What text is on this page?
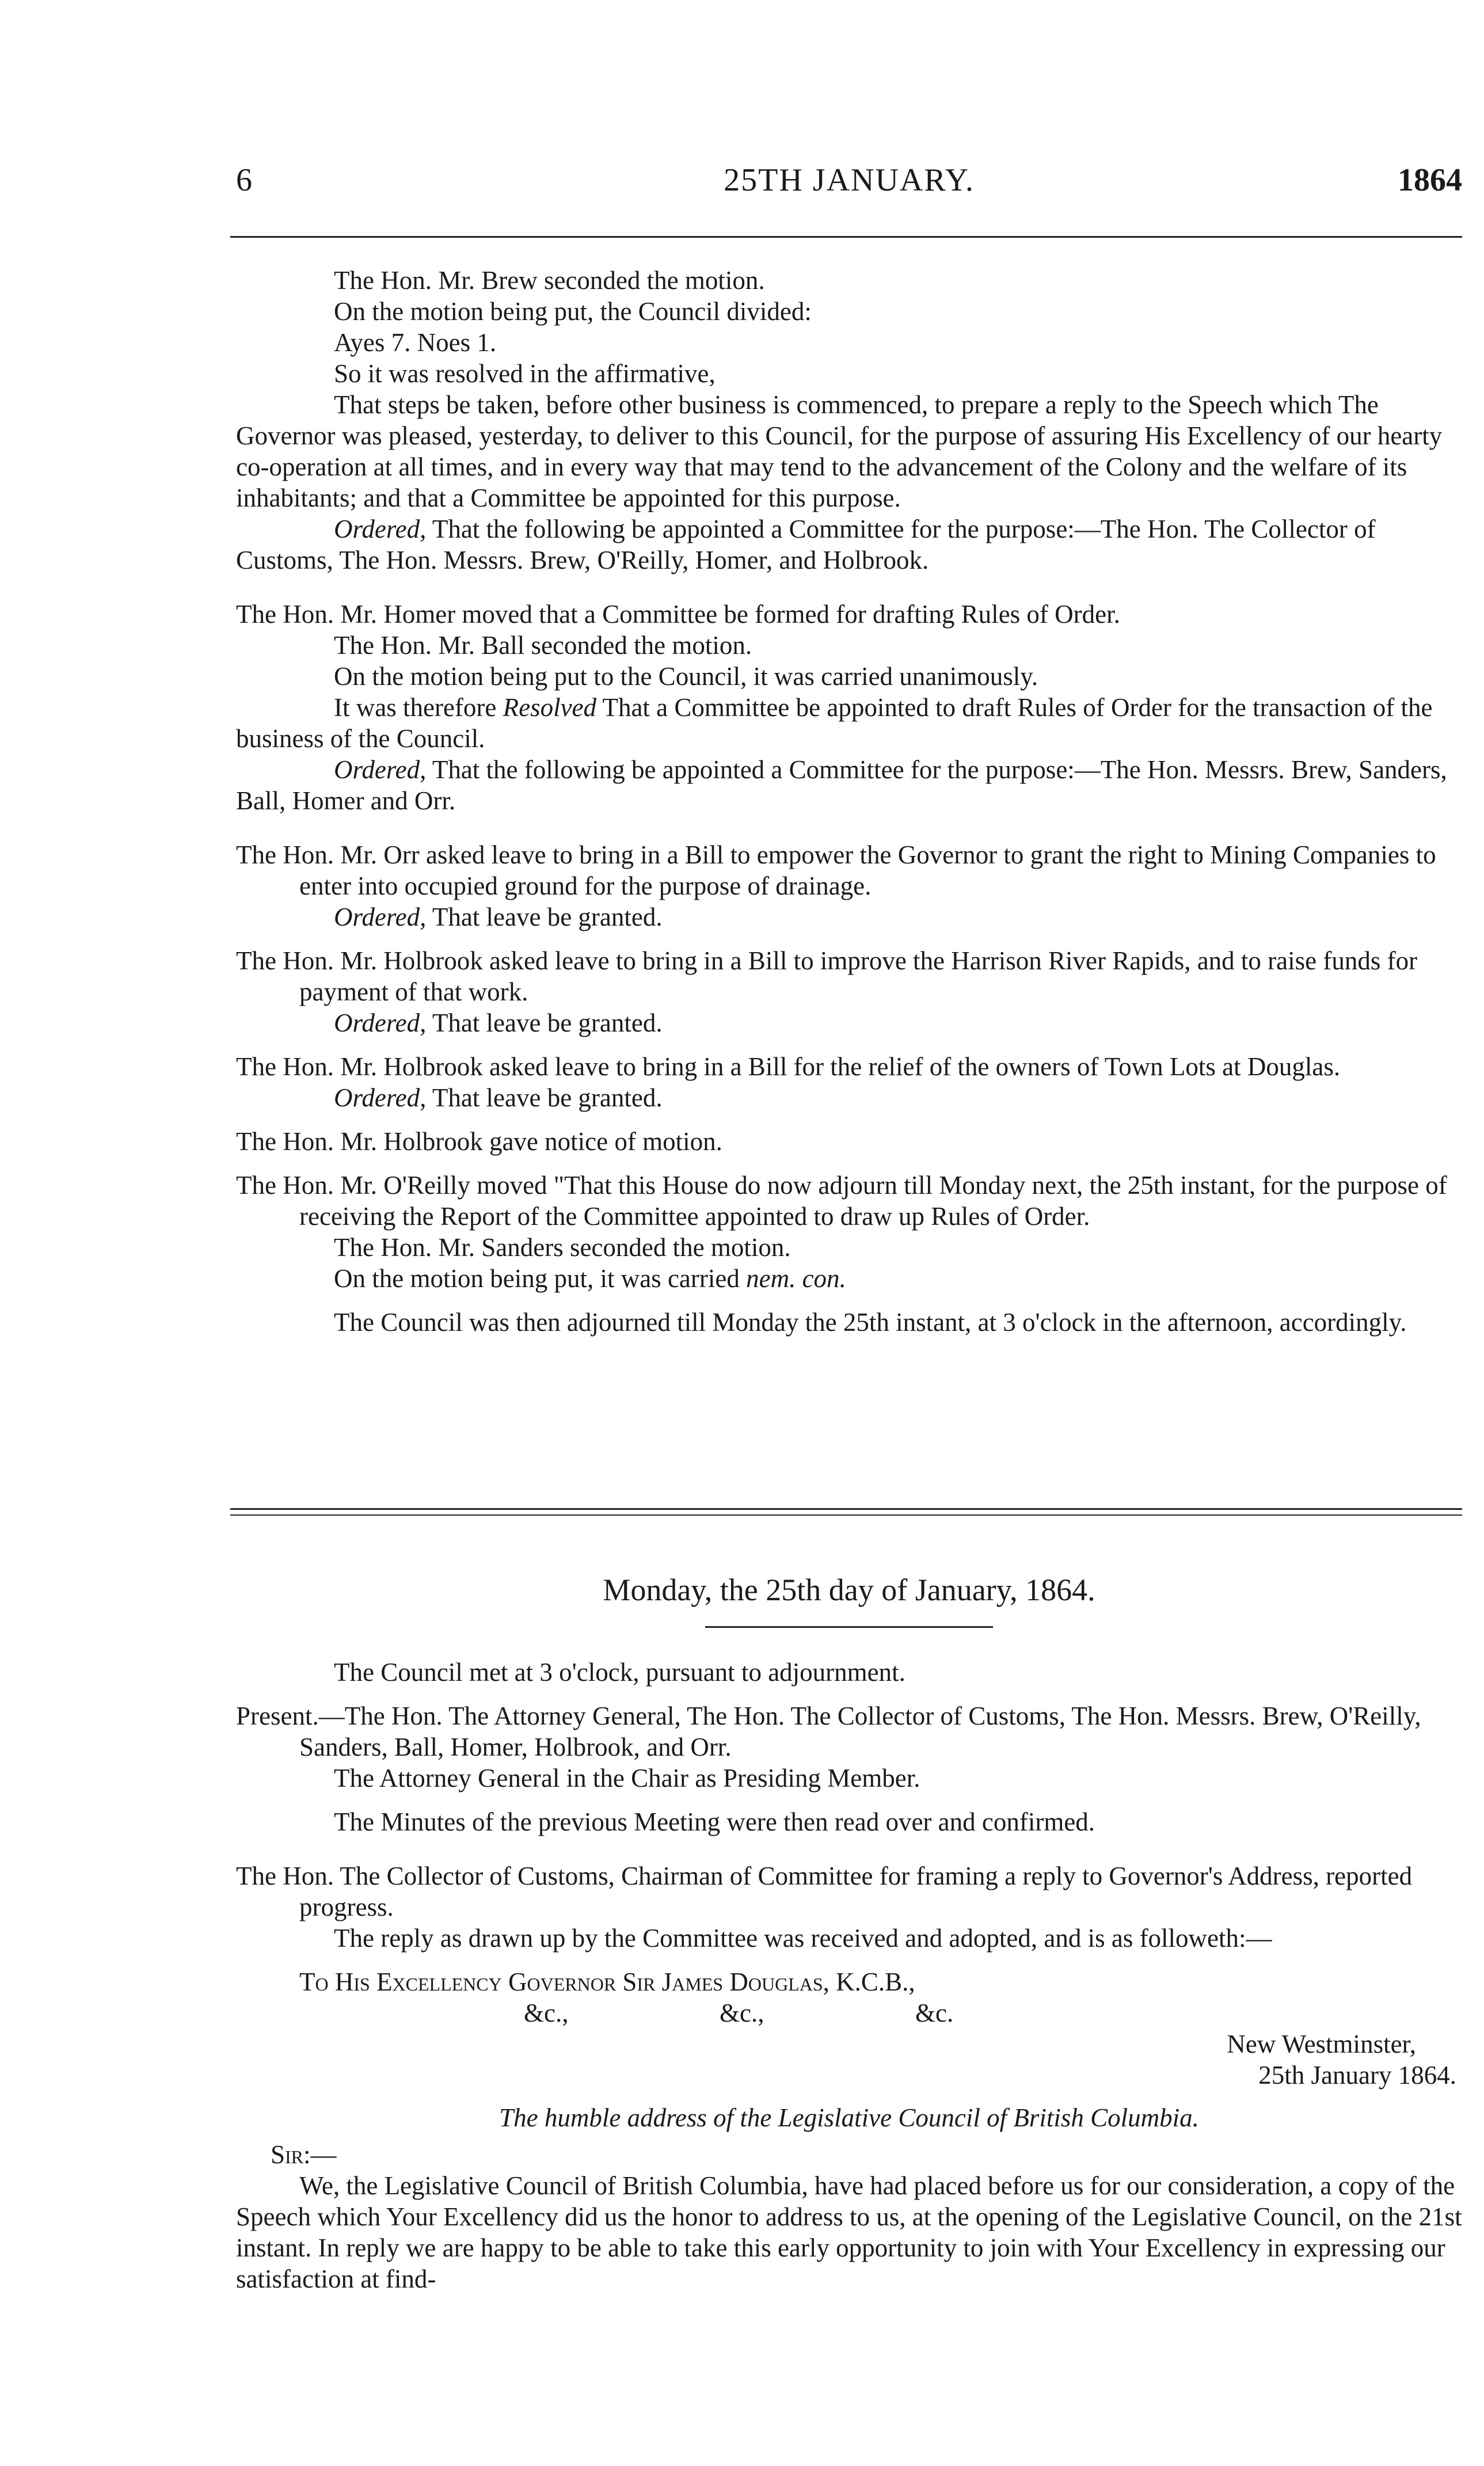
25TH JANUARY.
6	1864

The Hon. Mr. Brew seconded the motion.

On the motion being put, the Council divided:

Ayes 7. Noes 1.

So it was resolved in the affirmative,

That steps be taken, before other business is commenced, to prepare a reply to the Speech which The Governor was pleased, yesterday, to deliver to this Council, for the purpose of assuring His Excellency of our hearty co-operation at all times, and in every way that may tend to the advancement of the Colony and the welfare of its inhabitants; and that a Committee be appointed for this purpose.

Ordered, That the following be appointed a Committee for the purpose:—The Hon. The Collector of Customs, The Hon. Messrs. Brew, O'Reilly, Homer, and Holbrook.

The Hon. Mr. Homer moved that a Committee be formed for drafting Rules of Order.

The Hon. Mr. Ball seconded the motion.

On the motion being put to the Council, it was carried unanimously.

It was therefore Resolved That a Committee be appointed to draft Rules of Order for the transaction of the business of the Council.

Ordered, That the following be appointed a Committee for the purpose:—The Hon. Messrs. Brew, Sanders, Ball, Homer and Orr.

The Hon. Mr. Orr asked leave to bring in a Bill to empower the Governor to grant the right to Mining Companies to enter into occupied ground for the purpose of drainage.

Ordered, That leave be granted.

The Hon. Mr. Holbrook asked leave to bring in a Bill to improve the Harrison River Rapids, and to raise funds for payment of that work.

Ordered, That leave be granted.

The Hon. Mr. Holbrook asked leave to bring in a Bill for the relief of the owners of Town Lots at Douglas.

Ordered, That leave be granted.

The Hon. Mr. Holbrook gave notice of motion.

The Hon. Mr. O'Reilly moved "That this House do now adjourn till Monday next, the 25th instant, for the purpose of receiving the Report of the Committee appointed to draw up Rules of Order.

The Hon. Mr. Sanders seconded the motion.

On the motion being put, it was carried nem. con.

The Council was then adjourned till Monday the 25th instant, at 3 o'clock in the afternoon, accordingly.

Monday, the 25th day of January, 1864.

The Council met at 3 o'clock, pursuant to adjournment.

Present.—The Hon. The Attorney General, The Hon. The Collector of Customs, The Hon. Messrs. Brew, O'Reilly, Sanders, Ball, Homer, Holbrook, and Orr.

The Attorney General in the Chair as Presiding Member.

The Minutes of the previous Meeting were then read over and confirmed.

The Hon. The Collector of Customs, Chairman of Committee for framing a reply to Governor's Address, reported progress.

The reply as drawn up by the Committee was received and adopted, and is as followeth:—

To His Excellency Governor Sir James Douglas, K.C.B.,

&c.,	&c.,	&c.

New Westminster,

25th January 1864.

The humble address of the Legislative Council of British Columbia.

Sir:—

We, the Legislative Council of British Columbia, have had placed before us for our consideration, a copy of the Speech which Your Excellency did us the honor to address to us, at the opening of the Legislative Council, on the 21st instant. In reply we are happy to be able to take this early opportunity to join with Your Excellency in expressing our satisfaction at find-
